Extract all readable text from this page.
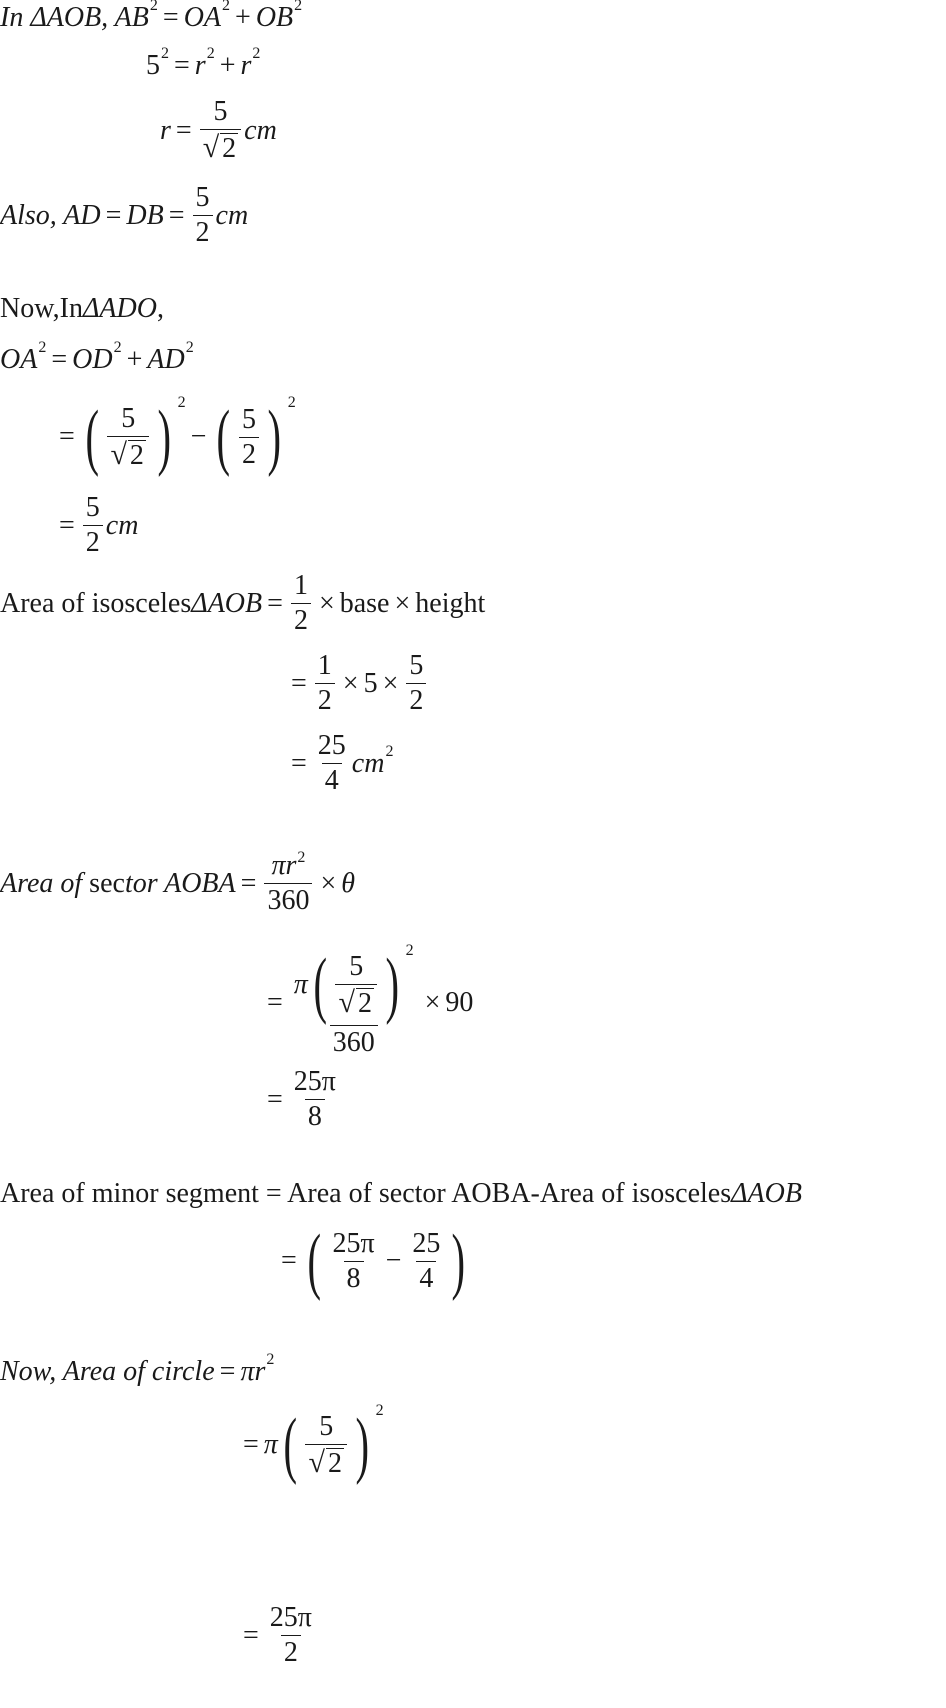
In ΔAOB, AB 2 = OA 2 + OB 2
5 2 = r 2 + r 2
$r = \frac{5}{√ 2}$ cm
Also, AD = DB = $\frac{5}{2}$ cm
Now,In ΔADO ,
OA 2 = OD 2 + AD 2
= ( $\frac{5}{√ 2}$ ) 2
− ( $\frac{5}{2}$ ) 2
= $\frac{5}{2}$ cm
Area of isosceles $\Delta AOB = \frac{1}{2}$ × base × height
= $\frac{1}{2} \times 5 \times \frac{5}{2}$
= $\frac{25}{4}$ cm 2
Area of
sec tor AOBA = $\frac{\pi r^2}{360} \times \theta$
= $\frac{\pi ( \frac{5}{√ 2} ) 2}{360} \times 90$
= $\frac{25\pi}{8}$
Area of minor segment = Area of sector AOBA-Area of isosceles ΔAOB
= ( $\frac{25\pi}{8} - \frac{25}{4}$ )
Now, Area of circle = πr 2
= π ( $\frac{5}{√ 2}$ ) 2
= $\frac{25\pi}{2}$
